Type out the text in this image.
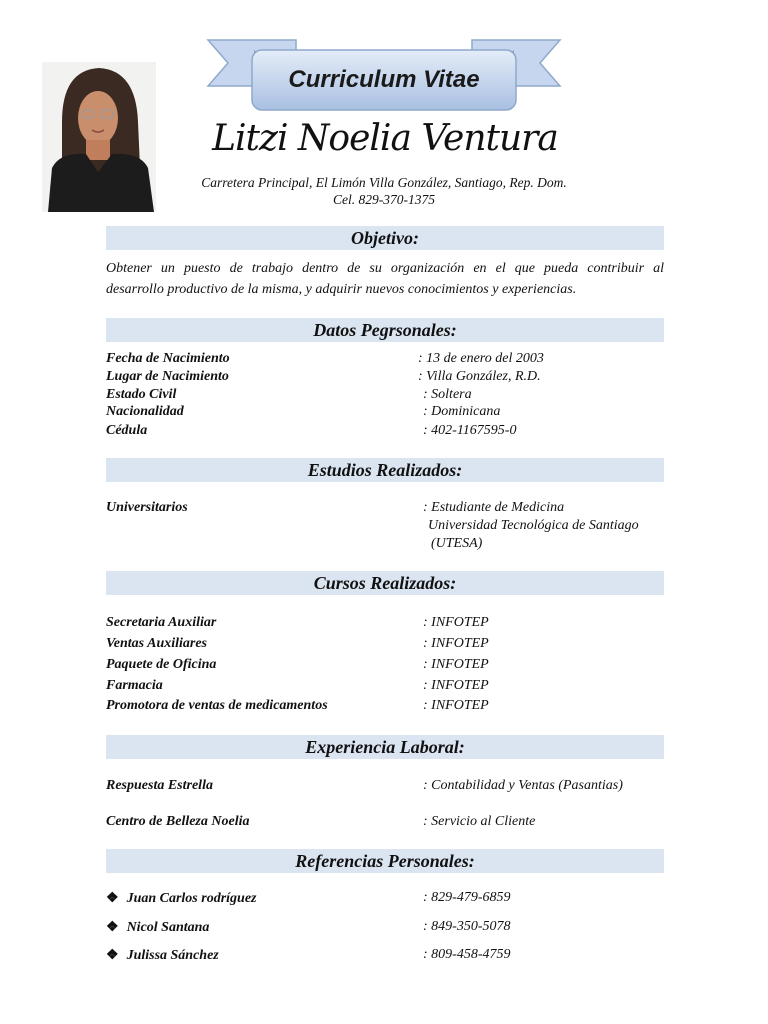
Curriculum Vitae
Litzi Noelia Ventura
Carretera Principal, El Limón Villa González, Santiago, Rep. Dom.
Cel. 829-370-1375
Objetivo:
Obtener un puesto de trabajo dentro de su organización en el que pueda contribuir al
desarrollo productivo de la misma, y adquirir nuevos conocimientos y experiencias.
Datos Pegrsonales:
Fecha de Nacimiento	: 13 de enero del 2003
Lugar de Nacimiento	: Villa González, R.D.
Estado Civil	: Soltera
Nacionalidad	: Dominicana
Cédula	: 402-1167595-0
Estudios Realizados:
Universitarios	: Estudiante de Medicina
Universidad Tecnológica de Santiago
(UTESA)
Cursos Realizados:
Secretaria Auxiliar	: INFOTEP
Ventas Auxiliares	: INFOTEP
Paquete de Oficina	: INFOTEP
Farmacia	: INFOTEP
Promotora de ventas de medicamentos	: INFOTEP
Experiencia Laboral:
Respuesta Estrella	: Contabilidad y Ventas (Pasantias)
Centro de Belleza Noelia	: Servicio al Cliente
Referencias Personales:
❖ Juan Carlos rodríguez	: 829-479-6859
❖ Nicol Santana	: 849-350-5078
❖ Julissa Sánchez	: 809-458-4759
